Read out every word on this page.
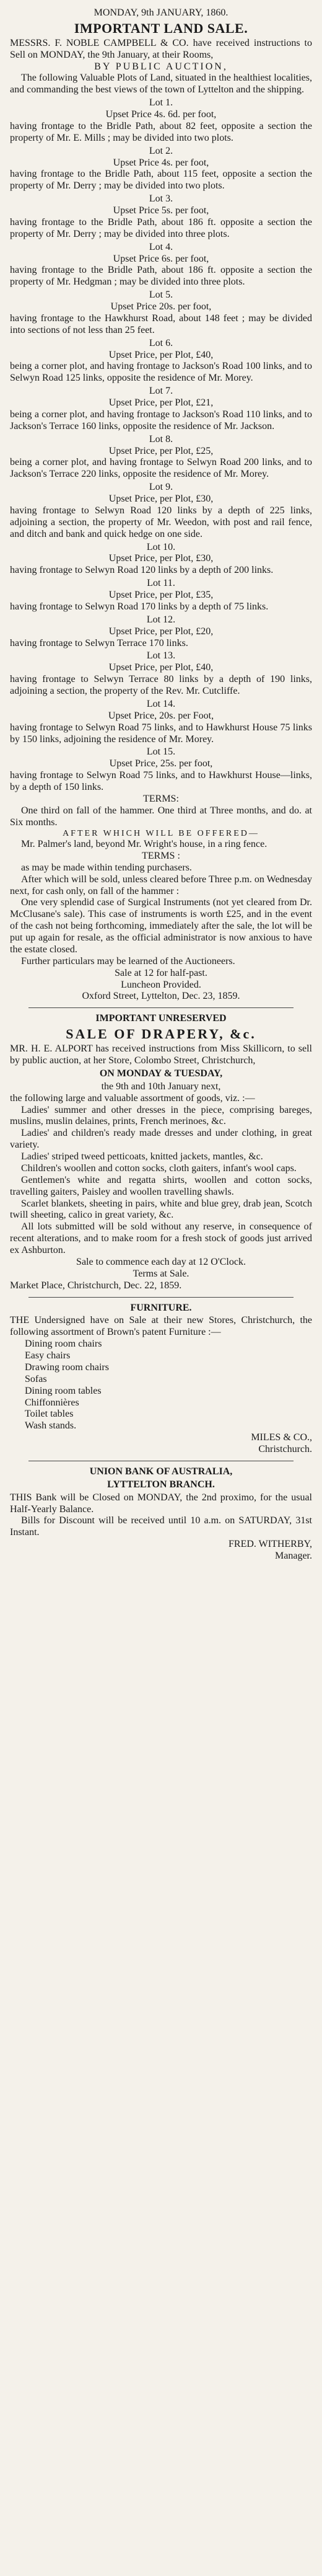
MONDAY, 9th JANUARY, 1860.
IMPORTANT LAND SALE.

MESSRS. F. NOBLE CAMPBELL & CO. have received instructions to Sell on MONDAY, the 9th January, at their Rooms,

BY PUBLIC AUCTION,

The following Valuable Plots of Land, situated in the healthiest localities, and commanding the best views of the town of Lyttelton and the shipping.

Lot 1.
Upset Price 4s. 6d. per foot,

having frontage to the Bridle Path, about 82 feet, opposite a section the property of Mr. E. Mills ; may be divided into two plots.

Lot 2.
Upset Price 4s. per foot,

having frontage to the Bridle Path, about 115 feet, opposite a section the property of Mr. Derry ; may be divided into two plots.

Lot 3.
Upset Price 5s. per foot,

having frontage to the Bridle Path, about 186 ft. opposite a section the property of Mr. Derry ; may be divided into three plots.

Lot 4.
Upset Price 6s. per foot,

having frontage to the Bridle Path, about 186 ft. opposite a section the property of Mr. Hedgman ; may be divided into three plots.

Lot 5.
Upset Price 20s. per foot,

having frontage to the Hawkhurst Road, about 148 feet ; may be divided into sections of not less than 25 feet.

Lot 6.
Upset Price, per Plot, £40,

being a corner plot, and having frontage to Jackson's Road 100 links, and to Selwyn Road 125 links, opposite the residence of Mr. Morey.

Lot 7.
Upset Price, per Plot, £21,

being a corner plot, and having frontage to Jackson's Road 110 links, and to Jackson's Terrace 160 links, opposite the residence of Mr. Jackson.

Lot 8.
Upset Price, per Plot, £25,

being a corner plot, and having frontage to Selwyn Road 200 links, and to Jackson's Terrace 220 links, opposite the residence of Mr. Morey.

Lot 9.
Upset Price, per Plot, £30,

having frontage to Selwyn Road 120 links by a depth of 225 links, adjoining a section, the property of Mr. Weedon, with post and rail fence, and ditch and bank and quick hedge on one side.

Lot 10.
Upset Price, per Plot, £30,

having frontage to Selwyn Road 120 links by a depth of 200 links.

Lot 11.
Upset Price, per Plot, £35,

having frontage to Selwyn Road 170 links by a depth of 75 links.

Lot 12.
Upset Price, per Plot, £20,

having frontage to Selwyn Terrace 170 links.

Lot 13.
Upset Price, per Plot, £40,

having frontage to Selwyn Terrace 80 links by a depth of 190 links, adjoining a section, the property of the Rev. Mr. Cutcliffe.

Lot 14.
Upset Price, 20s. per Foot,

having frontage to Selwyn Road 75 links, and to Hawkhurst House 75 links by 150 links, adjoining the residence of Mr. Morey.

Lot 15.
Upset Price, 25s. per foot,

having frontage to Selwyn Road 75 links, and to Hawkhurst House—links, by a depth of 150 links.

TERMS:

One third on fall of the hammer. One third at Three months, and do. at Six months.

AFTER WHICH WILL BE OFFERED—

Mr. Palmer's land, beyond Mr. Wright's house, in a ring fence.

TERMS :

as may be made within tending purchasers.

After which will be sold, unless cleared before Three p.m. on Wednesday next, for cash only, on fall of the hammer :

One very splendid case of Surgical Instruments (not yet cleared from Dr. McClusane's sale). This case of instruments is worth £25, and in the event of the cash not being forthcoming, immediately after the sale, the lot will be put up again for resale, as the official administrator is now anxious to have the estate closed.

Further particulars may be learned of the Auctioneers.

Sale at 12 for half-past.
Luncheon Provided.
Oxford Street, Lyttelton, Dec. 23, 1859.
IMPORTANT UNRESERVED
SALE OF DRAPERY, &c.

MR. H. E. ALPORT has received instructions from Miss Skillicorn, to sell by public auction, at her Store, Colombo Street, Christchurch,

ON MONDAY & TUESDAY,
the 9th and 10th January next,

the following large and valuable assortment of goods, viz. :—

Ladies' summer and other dresses in the piece, comprising bareges, muslins, muslin delaines, prints, French merinoes, &c.

Ladies' and children's ready made dresses and under clothing, in great variety.

Ladies' striped tweed petticoats, knitted jackets, mantles, &c.

Children's woollen and cotton socks, cloth gaiters, infant's wool caps.

Gentlemen's white and regatta shirts, woollen and cotton socks, travelling gaiters, Paisley and woollen travelling shawls.

Scarlet blankets, sheeting in pairs, white and blue grey, drab jean, Scotch twill sheeting, calico in great variety, &c.

All lots submitted will be sold without any reserve, in consequence of recent alterations, and to make room for a fresh stock of goods just arrived ex Ashburton.

Sale to commence each day at 12 O'Clock.
Terms at Sale.
Market Place, Christchurch, Dec. 22, 1859.
FURNITURE.

THE Undersigned have on Sale at their new Stores, Christchurch, the following assortment of Brown's patent Furniture :—

Dining room chairs
Easy chairs
Drawing room chairs
Sofas
Dining room tables
Chiffonnières
Toilet tables
Wash stands.
MILES & CO.,
Christchurch.
UNION BANK OF AUSTRALIA,
LYTTELTON BRANCH.

THIS Bank will be Closed on MONDAY, the 2nd proximo, for the usual Half-Yearly Balance.

Bills for Discount will be received until 10 a.m. on SATURDAY, 31st Instant.

FRED. WITHERBY,
Manager.
